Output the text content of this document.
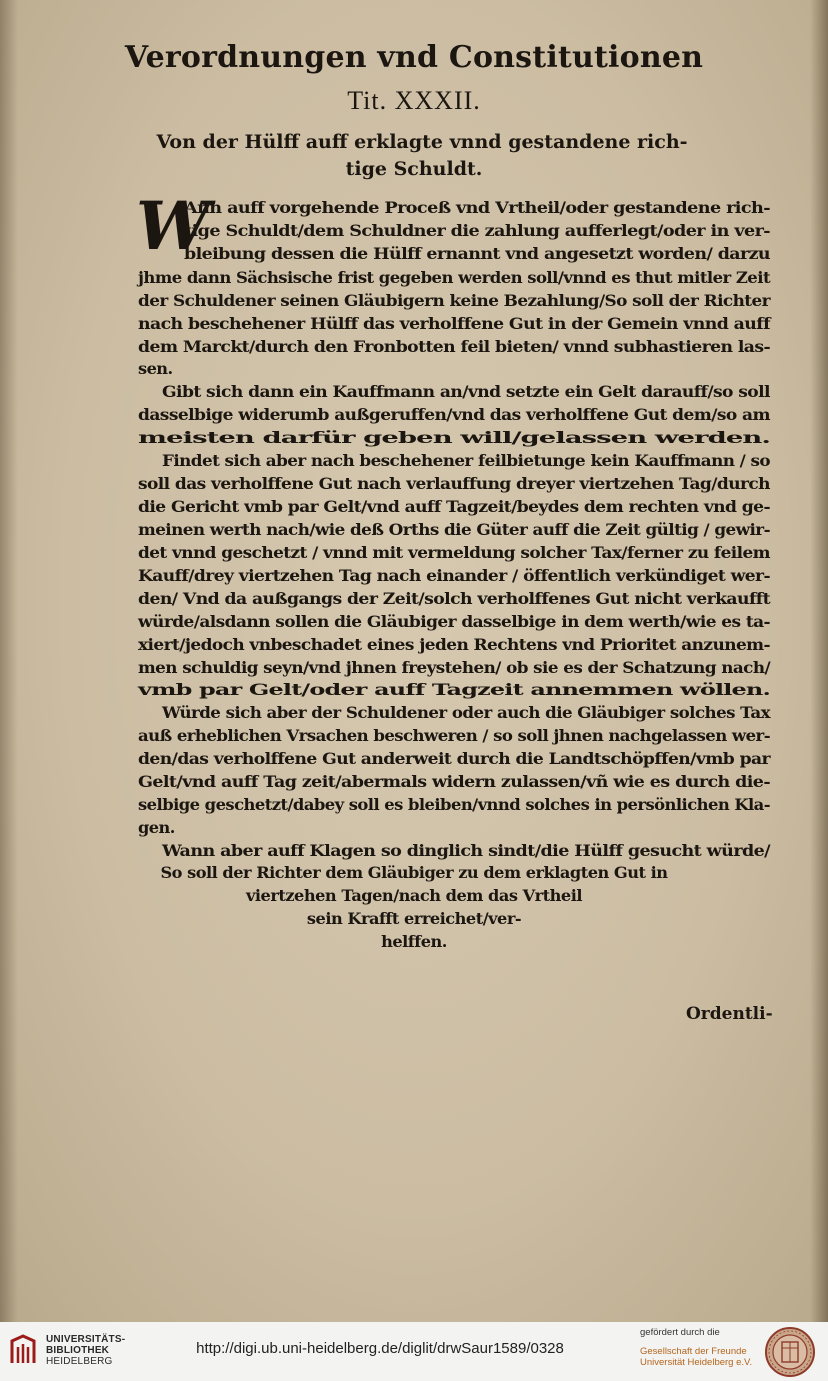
Verordnungen vnd Constitutionen
Tit. XXXII.
Von der Hülff auff erklagte vnnd gestandene rich-
tige Schuldt.
W
Ann auff vorgehende Proceß vnd Vrtheil/oder gestandene rich-
tige Schuldt/dem Schuldner die zahlung aufferlegt/oder in ver-
bleibung dessen die Hülff ernannt vnd angesetzt worden/ darzu
jhme dann Sächsische frist gegeben werden soll/vnnd es thut mitler Zeit
der Schuldener seinen Gläubigern keine Bezahlung/So soll der Richter
nach beschehener Hülff das verholffene Gut in der Gemein vnnd auff
dem Marckt/durch den Fronbotten feil bieten/ vnnd subhastieren las-
sen.
Gibt sich dann ein Kauffmann an/vnd setzte ein Gelt darauff/so soll
dasselbige widerumb außgeruffen/vnd das verholffene Gut dem/so am
meisten darfür geben will/gelassen werden.
Findet sich aber nach beschehener feilbietunge kein Kauffmann / so
soll das verholffene Gut nach verlauffung dreyer viertzehen Tag/durch
die Gericht vmb par Gelt/vnd auff Tagzeit/beydes dem rechten vnd ge-
meinen werth nach/wie deß Orths die Güter auff die Zeit gültig / gewir-
det vnnd geschetzt / vnnd mit vermeldung solcher Tax/ferner zu feilem
Kauff/drey viertzehen Tag nach einander / öffentlich verkündiget wer-
den/ Vnd da außgangs der Zeit/solch verholffenes Gut nicht verkaufft
würde/alsdann sollen die Gläubiger dasselbige in dem werth/wie es ta-
xiert/jedoch vnbeschadet eines jeden Rechtens vnd Prioritet anzunem-
men schuldig seyn/vnd jhnen freystehen/ ob sie es der Schatzung nach/
vmb par Gelt/oder auff Tagzeit annemmen wöllen.
Würde sich aber der Schuldener oder auch die Gläubiger solches Tax
auß erheblichen Vrsachen beschweren / so soll jhnen nachgelassen wer-
den/das verholffene Gut anderweit durch die Landtschöpffen/vmb par
Gelt/vnd auff Tag zeit/abermals widern zulassen/vñ wie es durch die-
selbige geschetzt/dabey soll es bleiben/vnnd solches in persönlichen Kla-
gen.
Wann aber auff Klagen so dinglich sindt/die Hülff gesucht würde/
So soll der Richter dem Gläubiger zu dem erklagten Gut in
viertzehen Tagen/nach dem das Vrtheil
sein Krafft erreichet/ver-
helffen.
Ordentli-
UNIVERSITÄTS-
BIBLIOTHEK
HEIDELBERG
http://digi.ub.uni-heidelberg.de/diglit/drwSaur1589/0328
gefördert durch die
Gesellschaft der Freunde
Universität Heidelberg e.V.
